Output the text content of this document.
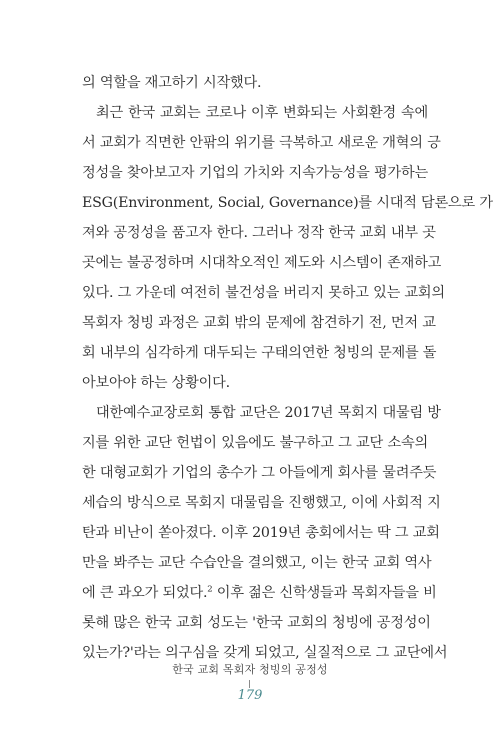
의 역할을 재고하기 시작했다.
최근 한국 교회는 코로나 이후 변화되는 사회환경 속에
서 교회가 직면한 안팎의 위기를 극복하고 새로운 개혁의 긍
정성을 찾아보고자 기업의 가치와 지속가능성을 평가하는
ESG(Environment, Social, Governance)를 시대적 담론으로 가
져와 공정성을 품고자 한다. 그러나 정작 한국 교회 내부 곳
곳에는 불공정하며 시대착오적인 제도와 시스템이 존재하고
있다. 그 가운데 여전히 불건성을 버리지 못하고 있는 교회의
목회자 청빙 과정은 교회 밖의 문제에 참견하기 전, 먼저 교
회 내부의 심각하게 대두되는 구태의연한 청빙의 문제를 돌
아보아야 하는 상황이다.
대한예수교장로회 통합 교단은 2017년 목회지 대물림 방
지를 위한 교단 헌법이 있음에도 불구하고 그 교단 소속의
한 대형교회가 기업의 총수가 그 아들에게 회사를 물려주듯
세습의 방식으로 목회지 대물림을 진행했고, 이에 사회적 지
탄과 비난이 쏟아졌다. 이후 2019년 총회에서는 딱 그 교회
만을 봐주는 교단 수습안을 결의했고, 이는 한국 교회 역사
에 큰 과오가 되었다.$^2$ 이후 젊은 신학생들과 목회자들을 비
롯해 많은 한국 교회 성도는 '한국 교회의 청빙에 공정성이
있는가?'라는 의구심을 갖게 되었고, 실질적으로 그 교단에서
한국 교회 목회자 청빙의 공정성
179
